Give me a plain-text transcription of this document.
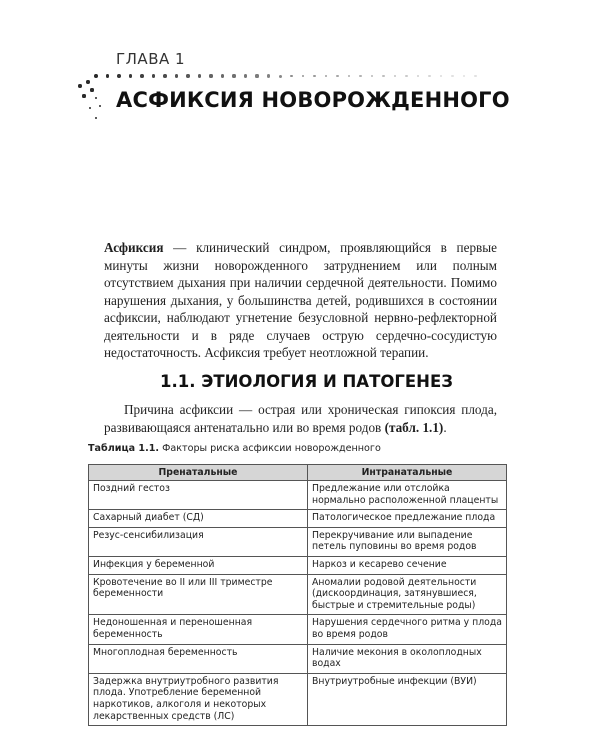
ГЛАВА 1
АСФИКСИЯ НОВОРОЖДЕННОГО

Асфиксия — клинический синдром, проявляющийся в первые минуты жизни новорожденного затруднением или полным отсутствием дыхания при наличии сердечной деятельности. Помимо нарушения дыхания, у большинства детей, родившихся в состоянии асфиксии, наблюдают угнетение безусловной нервно-рефлекторной деятельности и в ряде случаев острую сердечно-сосудистую недостаточность. Асфиксия требует неотложной терапии.

1.1. ЭТИОЛОГИЯ И ПАТОГЕНЕЗ

Причина асфиксии — острая или хроническая гипоксия плода, развивающаяся антенатально или во время родов (табл. 1.1).

Таблица 1.1. Факторы риска асфиксии новорожденного
Пренатальные	Интранатальные
Поздний гестоз	Предлежание или отслойка нормально расположенной плаценты
Сахарный диабет (СД)	Патологическое предлежание плода
Резус-сенсибилизация	Перекручивание или выпадение петель пуповины во время родов
Инфекция у беременной	Наркоз и кесарево сечение
Кровотечение во II или III триместре беременности	Аномалии родовой деятельности (дискоординация, затянувшиеся, быстрые и стремительные роды)
Недоношенная и переношенная беременность	Нарушения сердечного ритма у плода во время родов
Многоплодная беременность	Наличие мекония в околоплодных водах
Задержка внутриутробного развития плода. Употребление беременной наркотиков, алкоголя и некоторых лекарственных средств (ЛС)	Внутриутробные инфекции (ВУИ)
